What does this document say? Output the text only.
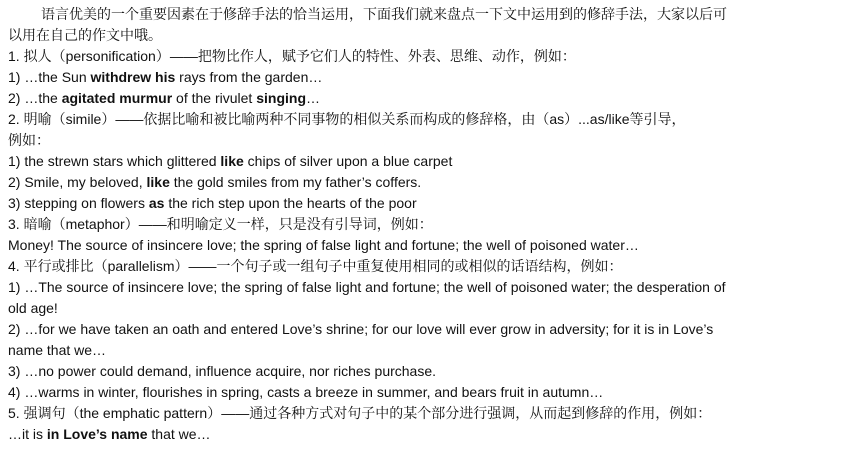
语言优美的一个重要因素在于修辞手法的恰当运用，下面我们就来盘点一下文中运用到的修辞手法，大家以后可
以用在自己的作文中哦。
1. 拟人（personification）——把物比作人，赋予它们人的特性、外表、思维、动作，例如：
1) …the Sun withdrew his rays from the garden…
2) …the agitated murmur of the rivulet singing…
2. 明喻（simile）——依据比喻和被比喻两种不同事物的相似关系而构成的修辞格，由（as）...as/like等引导，
例如：
1) the strewn stars which glittered like chips of silver upon a blue carpet
2) Smile, my beloved, like the gold smiles from my father’s coffers.
3) stepping on flowers as the rich step upon the hearts of the poor
3. 暗喻（metaphor）——和明喻定义一样，只是没有引导词，例如：
Money! The source of insincere love; the spring of false light and fortune; the well of poisoned water…
4. 平行或排比（parallelism）——一个句子或一组句子中重复使用相同的或相似的话语结构，例如：
1) …The source of insincere love; the spring of false light and fortune; the well of poisoned water; the desperation of
old age!
2) …for we have taken an oath and entered Love’s shrine; for our love will ever grow in adversity; for it is in Love’s
name that we…
3) …no power could demand, influence acquire, nor riches purchase.
4) …warms in winter, flourishes in spring, casts a breeze in summer, and bears fruit in autumn…
5. 强调句（the emphatic pattern）——通过各种方式对句子中的某个部分进行强调，从而起到修辞的作用，例如：
…it is in Love’s name that we…
